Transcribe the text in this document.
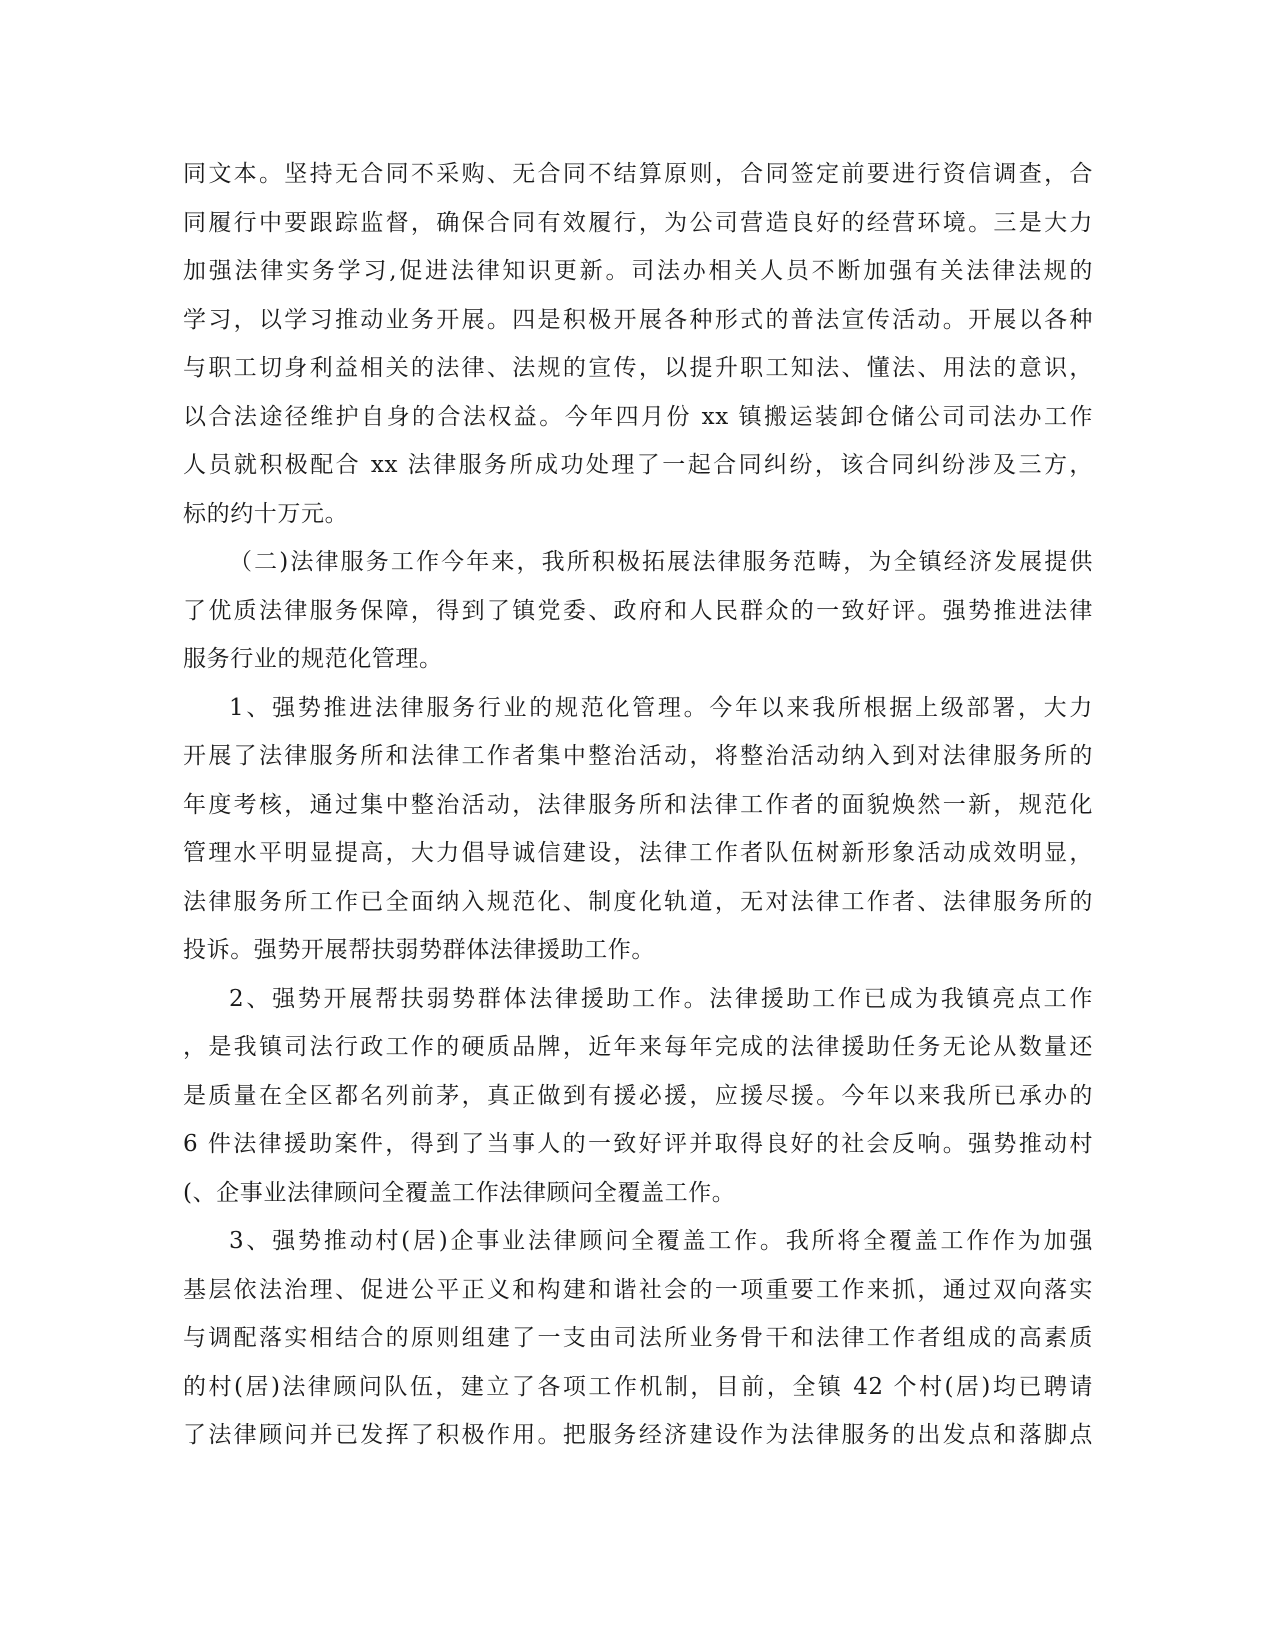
同文本。坚持无合同不采购、无合同不结算原则，合同签定前要进行资信调查，合
同履行中要跟踪监督，确保合同有效履行，为公司营造良好的经营环境。三是大力
加强法律实务学习,促进法律知识更新。司法办相关人员不断加强有关法律法规的
学习，以学习推动业务开展。四是积极开展各种形式的普法宣传活动。开展以各种
与职工切身利益相关的法律、法规的宣传，以提升职工知法、懂法、用法的意识，
以合法途径维护自身的合法权益。今年四月份 xx 镇搬运装卸仓储公司司法办工作
人员就积极配合 xx 法律服务所成功处理了一起合同纠纷，该合同纠纷涉及三方，
标的约十万元。
（二)法律服务工作今年来，我所积极拓展法律服务范畴，为全镇经济发展提供
了优质法律服务保障，得到了镇党委、政府和人民群众的一致好评。强势推进法律
服务行业的规范化管理。
1、强势推进法律服务行业的规范化管理。今年以来我所根据上级部署，大力
开展了法律服务所和法律工作者集中整治活动，将整治活动纳入到对法律服务所的
年度考核，通过集中整治活动，法律服务所和法律工作者的面貌焕然一新，规范化
管理水平明显提高，大力倡导诚信建设，法律工作者队伍树新形象活动成效明显，
法律服务所工作已全面纳入规范化、制度化轨道，无对法律工作者、法律服务所的
投诉。强势开展帮扶弱势群体法律援助工作。
2、强势开展帮扶弱势群体法律援助工作。法律援助工作已成为我镇亮点工作
，是我镇司法行政工作的硬质品牌，近年来每年完成的法律援助任务无论从数量还
是质量在全区都名列前茅，真正做到有援必援，应援尽援。今年以来我所已承办的
6 件法律援助案件，得到了当事人的一致好评并取得良好的社会反响。强势推动村
(、企事业法律顾问全覆盖工作法律顾问全覆盖工作。
3、强势推动村(居)企事业法律顾问全覆盖工作。我所将全覆盖工作作为加强
基层依法治理、促进公平正义和构建和谐社会的一项重要工作来抓，通过双向落实
与调配落实相结合的原则组建了一支由司法所业务骨干和法律工作者组成的高素质
的村(居)法律顾问队伍，建立了各项工作机制，目前，全镇 42 个村(居)均已聘请
了法律顾问并已发挥了积极作用。把服务经济建设作为法律服务的出发点和落脚点
